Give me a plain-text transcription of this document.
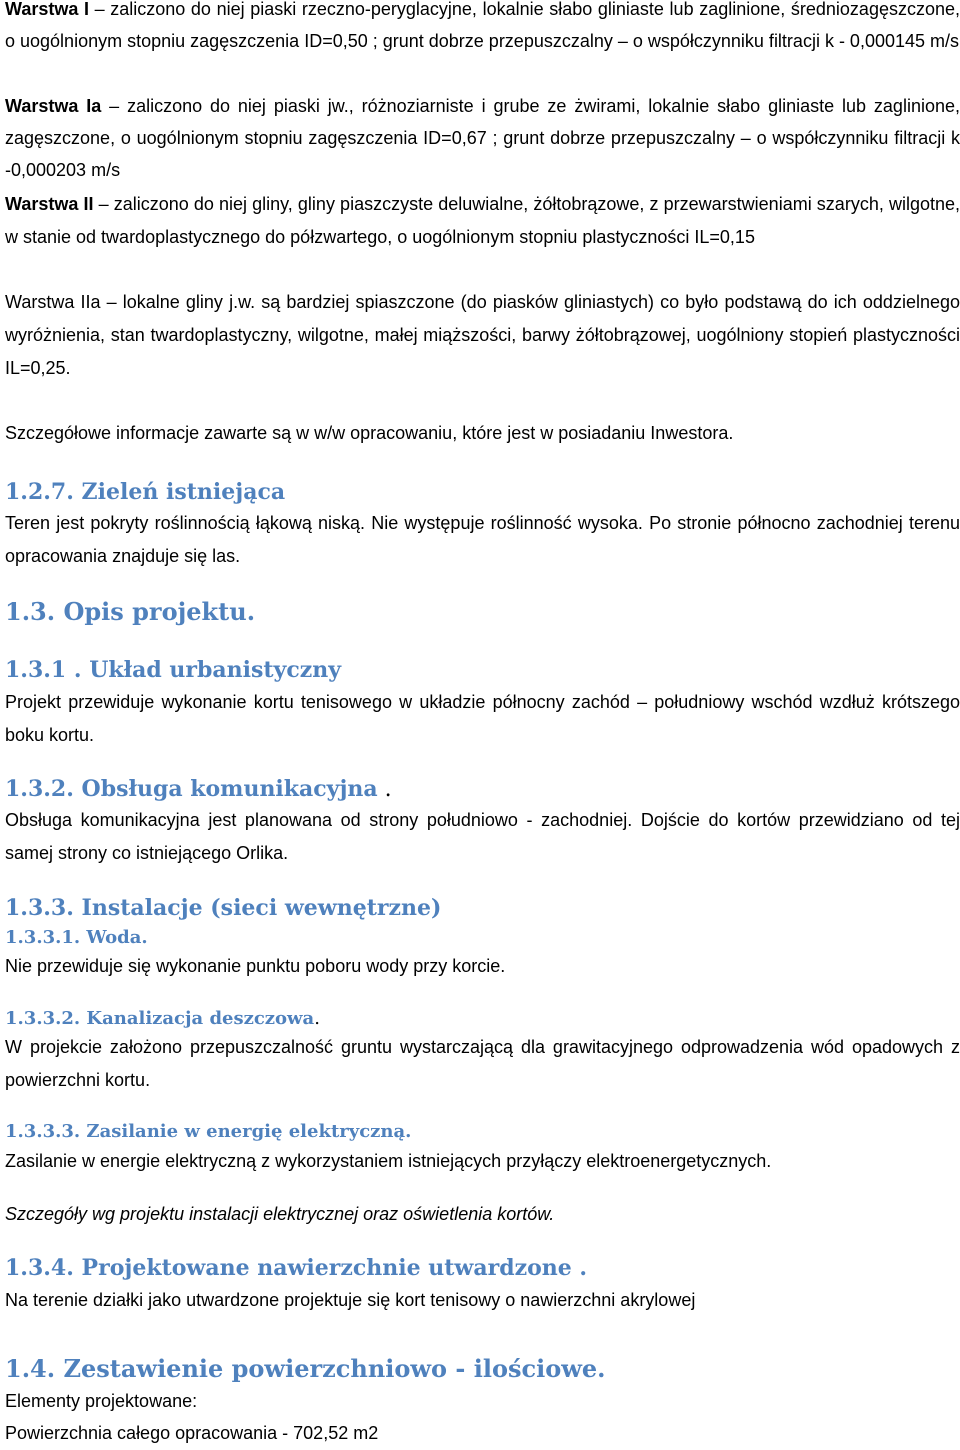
Warstwa I – zaliczono do niej piaski rzeczno-peryglacyjne, lokalnie słabo gliniaste lub zaglinione, średniozagęszczone, o uogólnionym stopniu zagęszczenia ID=0,50 ; grunt dobrze przepuszczalny – o współczynniku filtracji k - 0,000145 m/s

Warstwa Ia – zaliczono do niej piaski jw., różnoziarniste i grube ze żwirami, lokalnie słabo gliniaste lub zaglinione, zagęszczone, o uogólnionym stopniu zagęszczenia ID=0,67 ; grunt dobrze przepuszczalny – o współczynniku filtracji k -0,000203 m/s

Warstwa II – zaliczono do niej gliny, gliny piaszczyste deluwialne, żółtobrązowe, z przewarstwieniami szarych, wilgotne, w stanie od twardoplastycznego do półzwartego, o uogólnionym stopniu plastyczności IL=0,15

Warstwa IIa – lokalne gliny j.w. są bardziej spiaszczone (do piasków gliniastych) co było podstawą do ich oddzielnego wyróżnienia, stan twardoplastyczny, wilgotne, małej miąższości, barwy żółtobrązowej, uogólniony stopień plastyczności IL=0,25.

Szczegółowe informacje zawarte są w w/w opracowaniu, które jest w posiadaniu Inwestora.

1.2.7. Zieleń istniejąca

Teren jest pokryty roślinnością łąkową niską. Nie występuje roślinność wysoka. Po stronie północno zachodniej terenu opracowania znajduje się las.

1.3. Opis projektu.
1.3.1 . Układ urbanistyczny

Projekt przewiduje wykonanie kortu tenisowego w układzie północny zachód – południowy wschód wzdłuż krótszego boku kortu.

1.3.2. Obsługa komunikacyjna .

Obsługa komunikacyjna jest planowana od strony południowo - zachodniej. Dojście do kortów przewidziano od tej samej strony co istniejącego Orlika.

1.3.3. Instalacje (sieci wewnętrzne)
1.3.3.1. Woda.

Nie przewiduje się wykonanie punktu poboru wody przy korcie.

1.3.3.2. Kanalizacja deszczowa.

W projekcie założono przepuszczalność gruntu wystarczającą dla grawitacyjnego odprowadzenia wód opadowych z powierzchni kortu.

1.3.3.3. Zasilanie w energię elektryczną.

Zasilanie w energie elektryczną z wykorzystaniem istniejących przyłączy elektroenergetycznych.

Szczegóły wg projektu instalacji elektrycznej oraz oświetlenia kortów.

1.3.4. Projektowane nawierzchnie utwardzone .

Na terenie działki jako utwardzone projektuje się kort tenisowy o nawierzchni akrylowej

1.4. Zestawienie powierzchniowo - ilościowe.

Elementy projektowane:

Powierzchnia całego opracowania - 702,52 m2
